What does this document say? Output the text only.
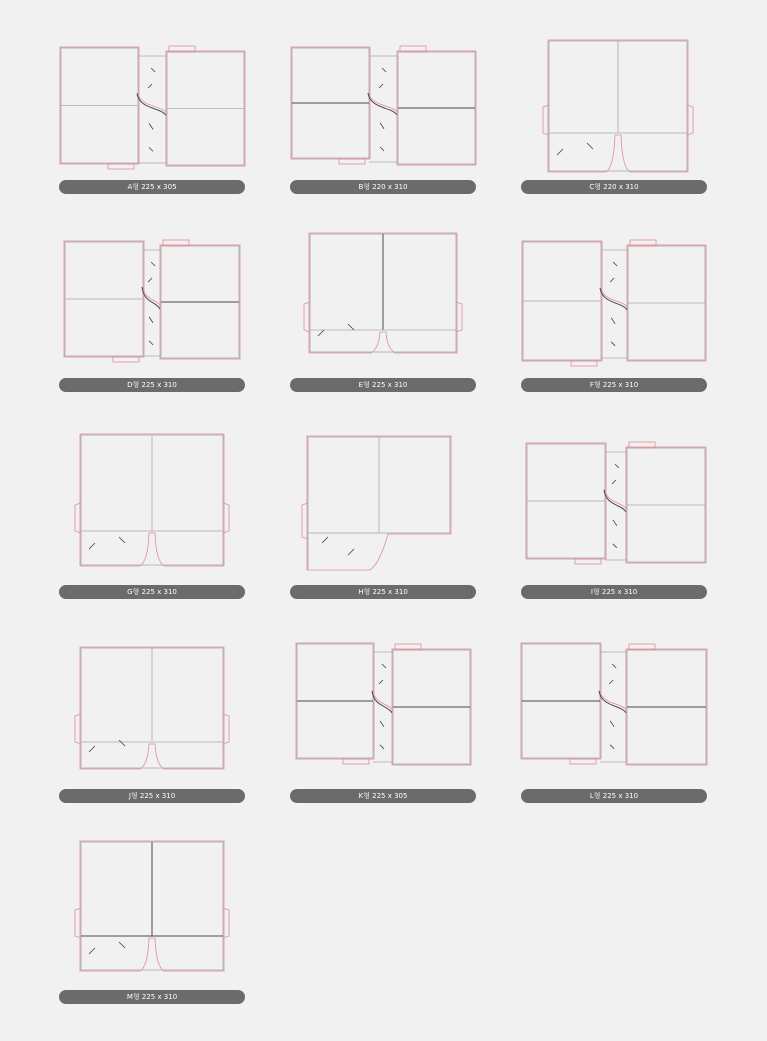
A형 225 x 305	B형 220 x 310	C형 220 x 310
D형 225 x 310	E형 225 x 310	F형 225 x 310
G형 225 x 310	H형 225 x 310	I형 225 x 310
J형 225 x 310	K형 225 x 305	L형 225 x 310
M형 225 x 310
